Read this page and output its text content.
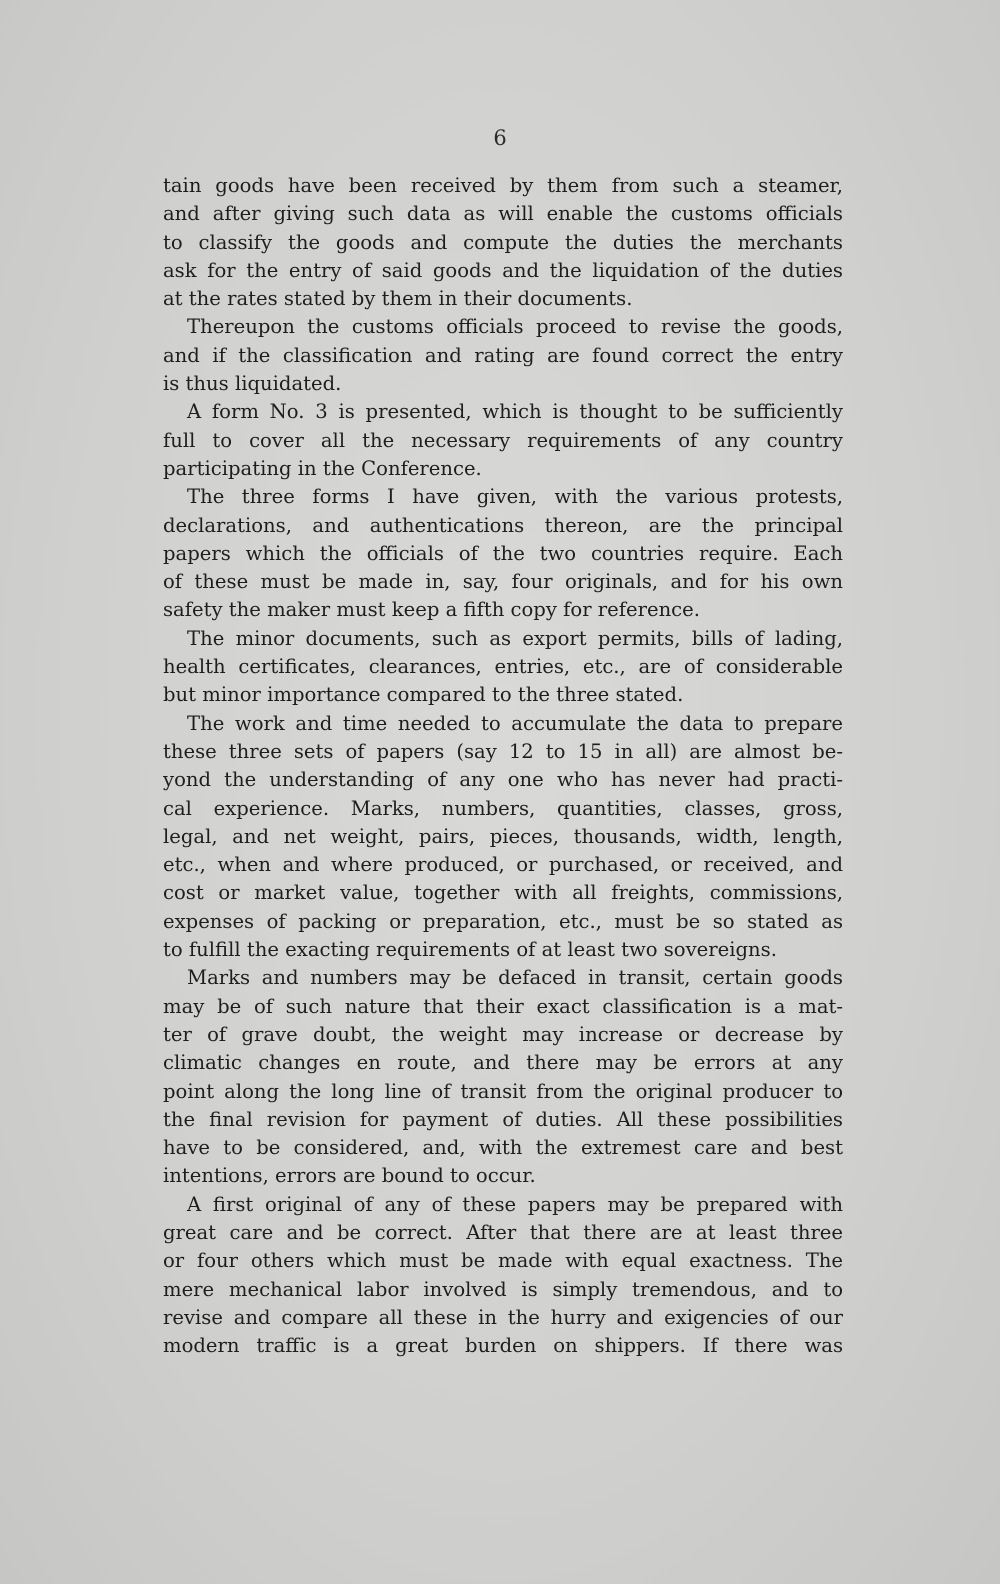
6
tain goods have been received by them from such a steamer,
and after giving such data as will enable the customs officials
to classify the goods and compute the duties the merchants
ask for the entry of said goods and the liquidation of the duties
at the rates stated by them in their documents.
Thereupon the customs officials proceed to revise the goods,
and if the classification and rating are found correct the entry
is thus liquidated.
A form No. 3 is presented, which is thought to be sufficiently
full to cover all the necessary requirements of any country
participating in the Conference.
The three forms I have given, with the various protests,
declarations, and authentications thereon, are the principal
papers which the officials of the two countries require. Each
of these must be made in, say, four originals, and for his own
safety the maker must keep a fifth copy for reference.
The minor documents, such as export permits, bills of lading,
health certificates, clearances, entries, etc., are of considerable
but minor importance compared to the three stated.
The work and time needed to accumulate the data to prepare
these three sets of papers (say 12 to 15 in all) are almost be-
yond the understanding of any one who has never had practi-
cal experience. Marks, numbers, quantities, classes, gross,
legal, and net weight, pairs, pieces, thousands, width, length,
etc., when and where produced, or purchased, or received, and
cost or market value, together with all freights, commissions,
expenses of packing or preparation, etc., must be so stated as
to fulfill the exacting requirements of at least two sovereigns.
Marks and numbers may be defaced in transit, certain goods
may be of such nature that their exact classification is a mat-
ter of grave doubt, the weight may increase or decrease by
climatic changes en route, and there may be errors at any
point along the long line of transit from the original producer to
the final revision for payment of duties. All these possibilities
have to be considered, and, with the extremest care and best
intentions, errors are bound to occur.
A first original of any of these papers may be prepared with
great care and be correct. After that there are at least three
or four others which must be made with equal exactness. The
mere mechanical labor involved is simply tremendous, and to
revise and compare all these in the hurry and exigencies of our
modern traffic is a great burden on shippers. If there was
